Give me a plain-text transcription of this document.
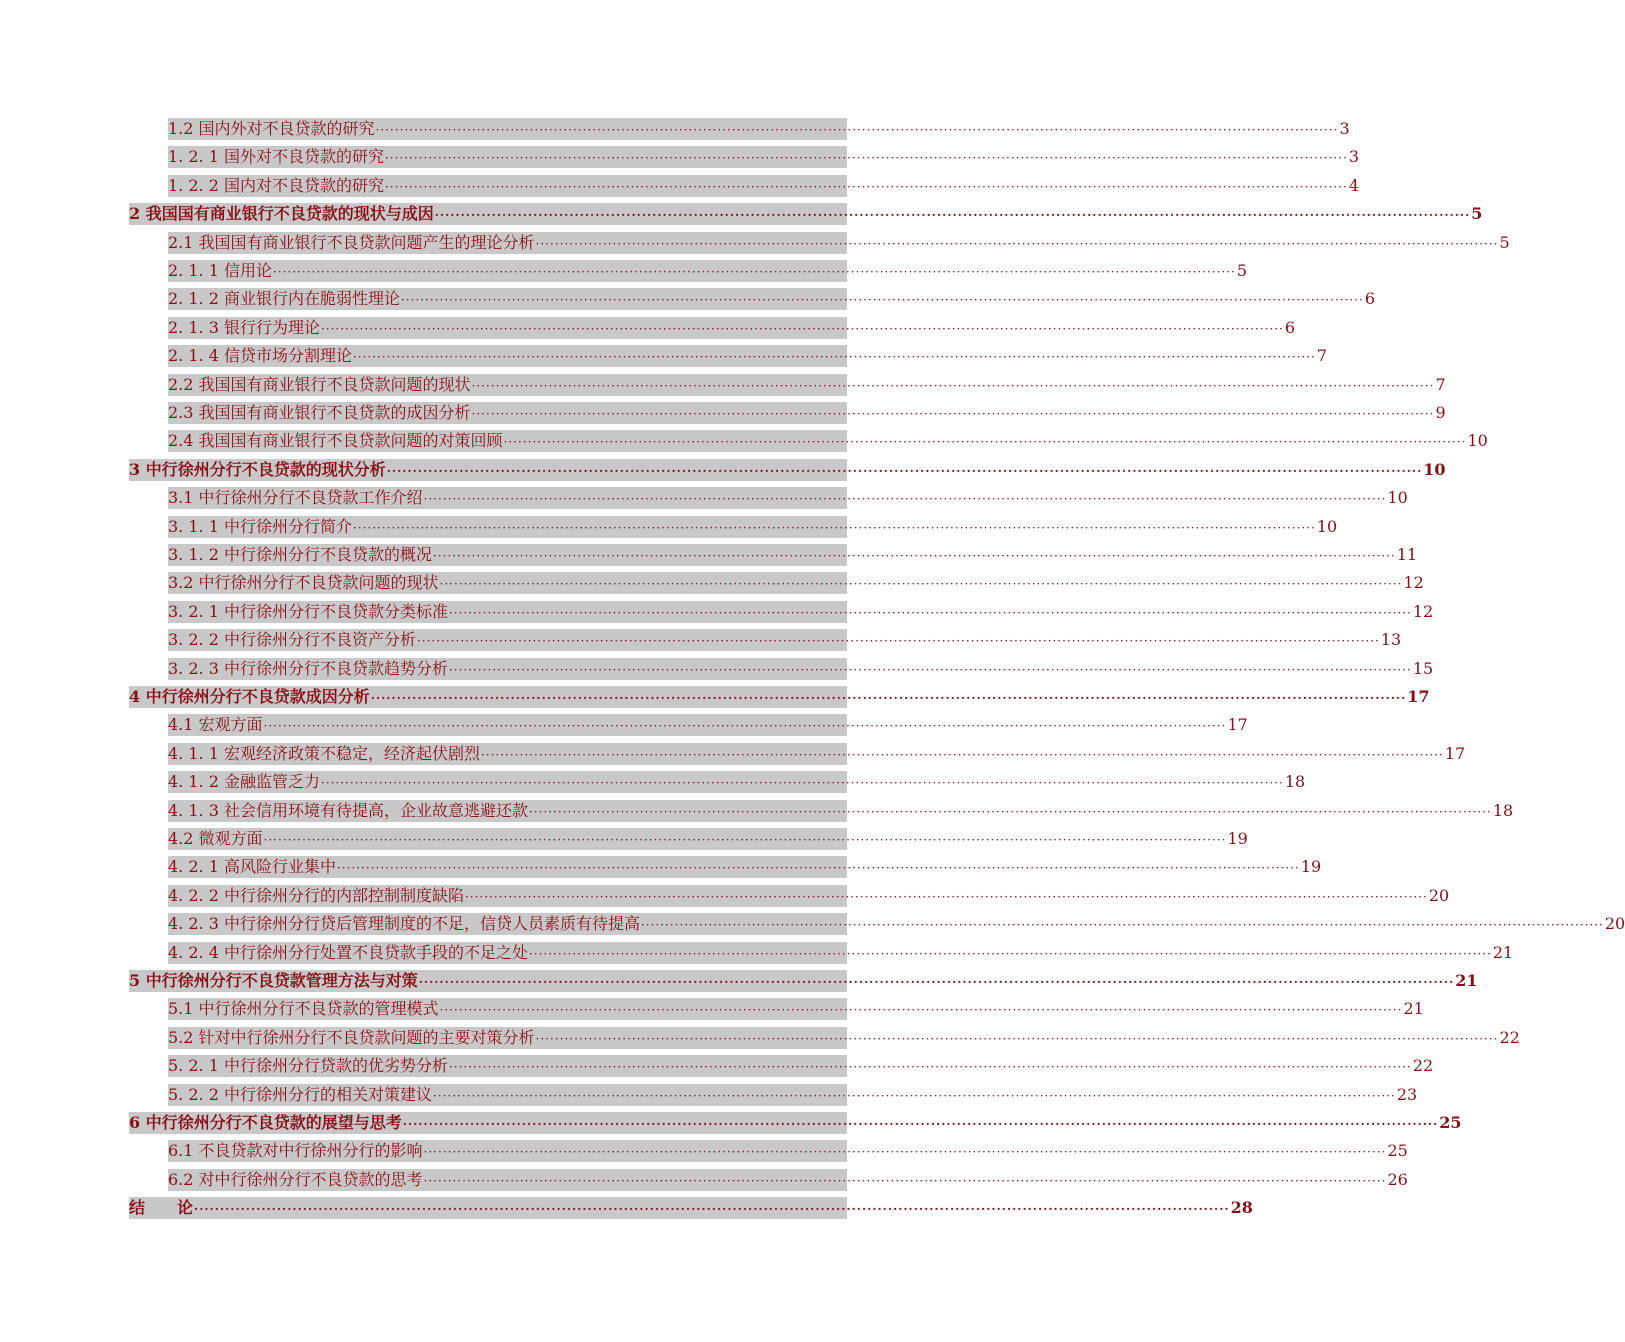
1.2 国内外对不良贷款的研究 ········································································································································································································ 3
1. 2. 1 国外对不良贷款的研究 ········································································································································································································ 3
1. 2. 2 国内对不良贷款的研究 ········································································································································································································ 4
2 我国国有商业银行不良贷款的现状与成因 ········································································································································································································ 5
2.1 我国国有商业银行不良贷款问题产生的理论分析 ········································································································································································································ 5
2. 1. 1 信用论 ········································································································································································································ 5
2. 1. 2 商业银行内在脆弱性理论 ········································································································································································································ 6
2. 1. 3 银行行为理论 ········································································································································································································ 6
2. 1. 4 信贷市场分割理论 ········································································································································································································ 7
2.2 我国国有商业银行不良贷款问题的现状 ········································································································································································································ 7
2.3 我国国有商业银行不良贷款的成因分析 ········································································································································································································ 9
2.4 我国国有商业银行不良贷款问题的对策回顾 ········································································································································································································ 10
3 中行徐州分行不良贷款的现状分析 ········································································································································································································ 10
3.1 中行徐州分行不良贷款工作介绍 ········································································································································································································ 10
3. 1. 1 中行徐州分行简介 ········································································································································································································ 10
3. 1. 2 中行徐州分行不良贷款的概况 ········································································································································································································ 11
3.2 中行徐州分行不良贷款问题的现状 ········································································································································································································ 12
3. 2. 1 中行徐州分行不良贷款分类标准 ········································································································································································································ 12
3. 2. 2 中行徐州分行不良资产分析 ········································································································································································································ 13
3. 2. 3 中行徐州分行不良贷款趋势分析 ········································································································································································································ 15
4 中行徐州分行不良贷款成因分析 ········································································································································································································ 17
4.1 宏观方面 ········································································································································································································ 17
4. 1. 1 宏观经济政策不稳定，经济起伏剧烈 ········································································································································································································ 17
4. 1. 2 金融监管乏力 ········································································································································································································ 18
4. 1. 3 社会信用环境有待提高，企业故意逃避还款 ········································································································································································································ 18
4.2 微观方面 ········································································································································································································ 19
4. 2. 1 高风险行业集中 ········································································································································································································ 19
4. 2. 2 中行徐州分行的内部控制制度缺陷 ········································································································································································································ 20
4. 2. 3 中行徐州分行贷后管理制度的不足，信贷人员素质有待提高 ········································································································································································································ 20
4. 2. 4 中行徐州分行处置不良贷款手段的不足之处 ········································································································································································································ 21
5 中行徐州分行不良贷款管理方法与对策 ········································································································································································································ 21
5.1 中行徐州分行不良贷款的管理模式 ········································································································································································································ 21
5.2 针对中行徐州分行不良贷款问题的主要对策分析 ········································································································································································································ 22
5. 2. 1 中行徐州分行贷款的优劣势分析 ········································································································································································································ 22
5. 2. 2 中行徐州分行的相关对策建议 ········································································································································································································ 23
6 中行徐州分行不良贷款的展望与思考 ········································································································································································································ 25
6.1 不良贷款对中行徐州分行的影响 ········································································································································································································ 25
6.2 对中行徐州分行不良贷款的思考 ········································································································································································································ 26
结　　论 ········································································································································································································ 28
